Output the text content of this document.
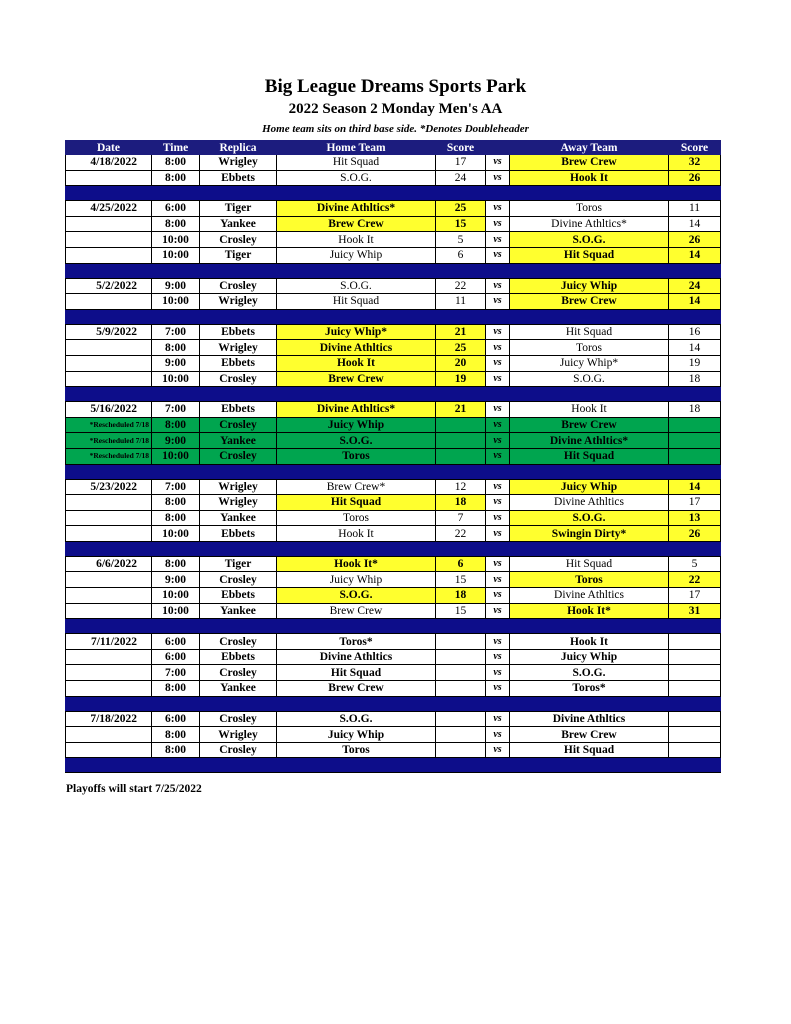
Big League Dreams Sports Park
2022 Season 2 Monday Men's AA
Home team sits on third base side. *Denotes Doubleheader
Date	Time	Replica	Home Team	Score		Away Team	Score
4/18/2022	8:00	Wrigley	Hit Squad	17	vs	Brew Crew	32
	8:00	Ebbets	S.O.G.	24	vs	Hook It	26

4/25/2022	6:00	Tiger	Divine Athltics*	25	vs	Toros	11
	8:00	Yankee	Brew Crew	15	vs	Divine Athltics*	14
	10:00	Crosley	Hook It	5	vs	S.O.G.	26
	10:00	Tiger	Juicy Whip	6	vs	Hit Squad	14

5/2/2022	9:00	Crosley	S.O.G.	22	vs	Juicy Whip	24
	10:00	Wrigley	Hit Squad	11	vs	Brew Crew	14

5/9/2022	7:00	Ebbets	Juicy Whip*	21	vs	Hit Squad	16
	8:00	Wrigley	Divine Athltics	25	vs	Toros	14
	9:00	Ebbets	Hook It	20	vs	Juicy Whip*	19
	10:00	Crosley	Brew Crew	19	vs	S.O.G.	18

5/16/2022	7:00	Ebbets	Divine Athltics*	21	vs	Hook It	18
*Rescheduled 7/18	8:00	Crosley	Juicy Whip		vs	Brew Crew	
*Rescheduled 7/18	9:00	Yankee	S.O.G.		vs	Divine Athltics*	
*Rescheduled 7/18	10:00	Crosley	Toros		vs	Hit Squad	

5/23/2022	7:00	Wrigley	Brew Crew*	12	vs	Juicy Whip	14
	8:00	Wrigley	Hit Squad	18	vs	Divine Athltics	17
	8:00	Yankee	Toros	7	vs	S.O.G.	13
	10:00	Ebbets	Hook It	22	vs	Swingin Dirty*	26

6/6/2022	8:00	Tiger	Hook It*	6	vs	Hit Squad	5
	9:00	Crosley	Juicy Whip	15	vs	Toros	22
	10:00	Ebbets	S.O.G.	18	vs	Divine Athltics	17
	10:00	Yankee	Brew Crew	15	vs	Hook It*	31

7/11/2022	6:00	Crosley	Toros*		vs	Hook It	
	6:00	Ebbets	Divine Athltics		vs	Juicy Whip	
	7:00	Crosley	Hit Squad		vs	S.O.G.	
	8:00	Yankee	Brew Crew		vs	Toros*	

7/18/2022	6:00	Crosley	S.O.G.		vs	Divine Athltics	
	8:00	Wrigley	Juicy Whip		vs	Brew Crew	
	8:00	Crosley	Toros		vs	Hit Squad	

Playoffs will start 7/25/2022
